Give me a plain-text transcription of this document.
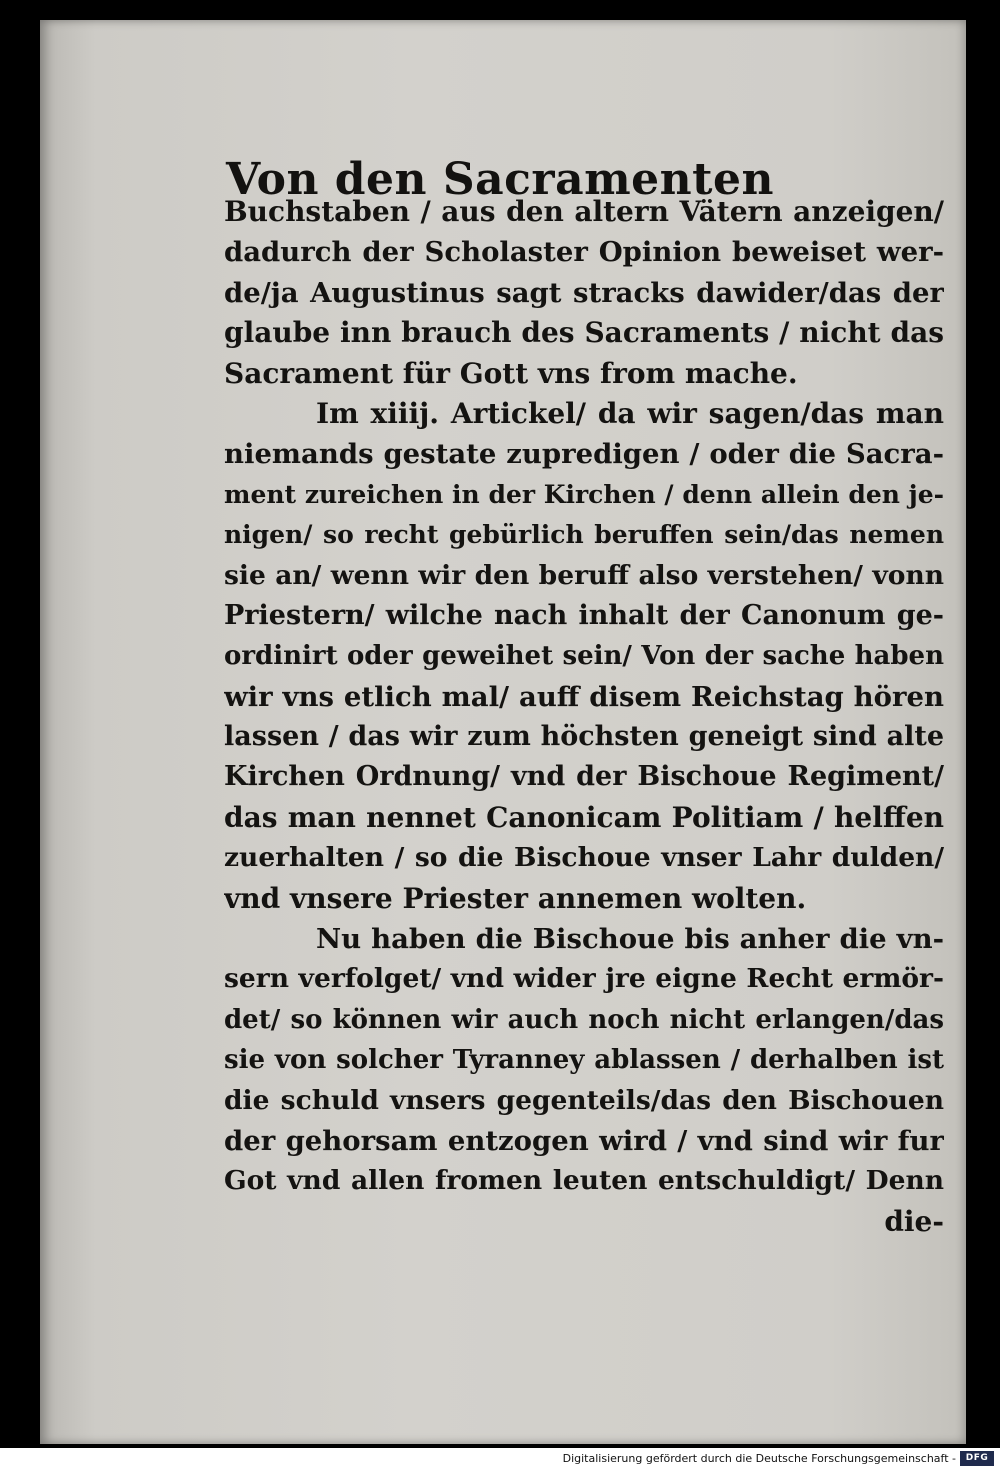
Von den Sacramenten
Buchstaben / aus den altern Vätern anzeigen/
dadurch der Scholaster Opinion beweiset wer-
de/ja Augustinus sagt stracks dawider/das der
glaube inn brauch des Sacraments / nicht das
Sacrament für Gott vns from mache.
Im xiiij. Artickel/ da wir sagen/das man
niemands gestate zupredigen / oder die Sacra-
ment zureichen in der Kirchen / denn allein den je-
nigen/ so recht gebürlich beruffen sein/das nemen
sie an/ wenn wir den beruff also verstehen/ vonn
Priestern/ wilche nach inhalt der Canonum ge-
ordinirt oder geweihet sein/ Von der sache haben
wir vns etlich mal/ auff disem Reichstag hören
lassen / das wir zum höchsten geneigt sind alte
Kirchen Ordnung/ vnd der Bischoue Regiment/
das man nennet Canonicam Politiam / helffen
zuerhalten / so die Bischoue vnser Lahr dulden/
vnd vnsere Priester annemen wolten.
Nu haben die Bischoue bis anher die vn-
sern verfolget/ vnd wider jre eigne Recht ermör-
det/ so können wir auch noch nicht erlangen/das
sie von solcher Tyranney ablassen / derhalben ist
die schuld vnsers gegenteils/das den Bischouen
der gehorsam entzogen wird / vnd sind wir fur
Got vnd allen fromen leuten entschuldigt/ Denn
die-
Digitalisierung gefördert durch die Deutsche Forschungsgemeinschaft -	DFG
